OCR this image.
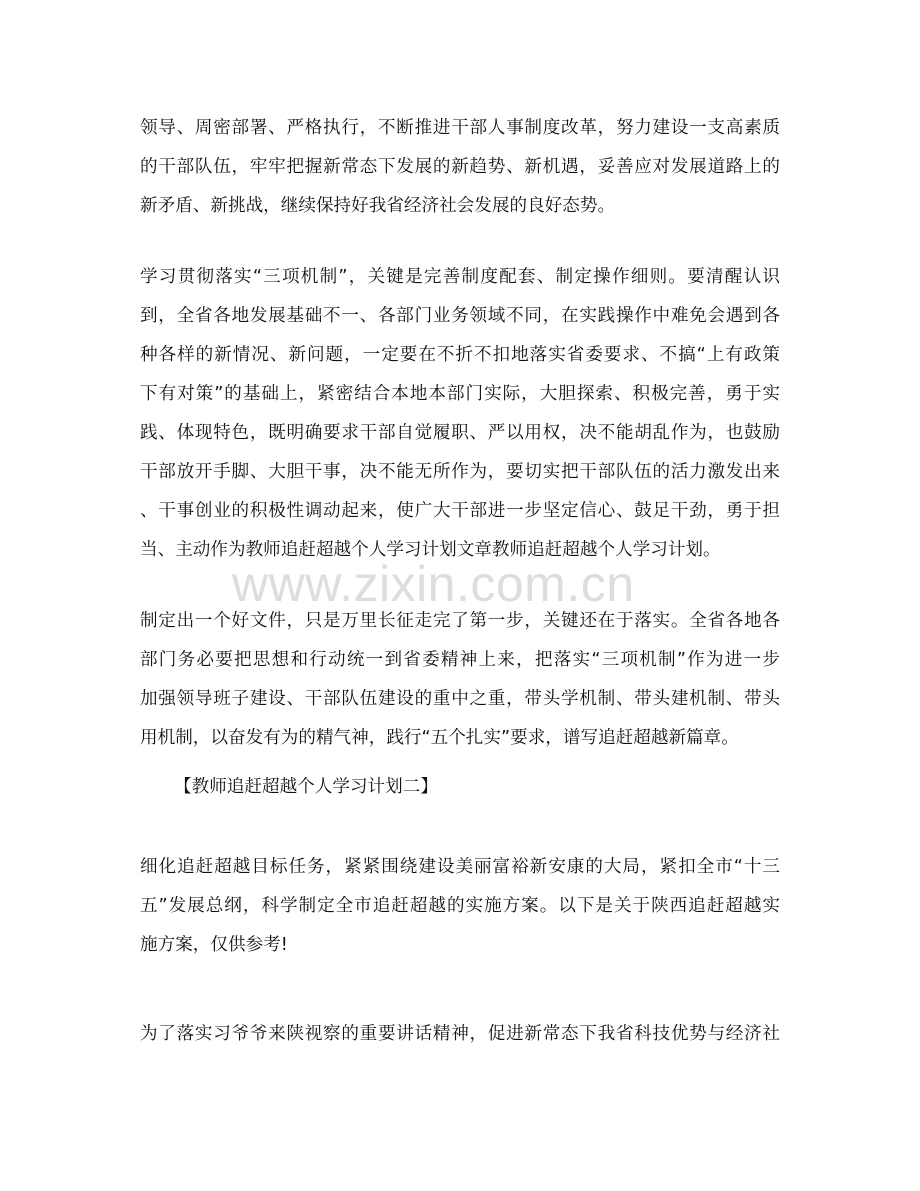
领导、周密部署、严格执行，不断推进干部人事制度改革，努力建设一支高素质
的干部队伍，牢牢把握新常态下发展的新趋势、新机遇，妥善应对发展道路上的
新矛盾、新挑战，继续保持好我省经济社会发展的良好态势。
学习贯彻落实“三项机制”，关键是完善制度配套、制定操作细则。要清醒认识
到，全省各地发展基础不一、各部门业务领域不同，在实践操作中难免会遇到各
种各样的新情况、新问题，一定要在不折不扣地落实省委要求、不搞“上有政策
下有对策”的基础上，紧密结合本地本部门实际，大胆探索、积极完善，勇于实
践、体现特色，既明确要求干部自觉履职、严以用权，决不能胡乱作为，也鼓励
干部放开手脚、大胆干事，决不能无所作为，要切实把干部队伍的活力激发出来
、干事创业的积极性调动起来，使广大干部进一步坚定信心、鼓足干劲，勇于担
当、主动作为教师追赶超越个人学习计划文章教师追赶超越个人学习计划。
www.zixin.com.cn
制定出一个好文件，只是万里长征走完了第一步，关键还在于落实。全省各地各
部门务必要把思想和行动统一到省委精神上来，把落实“三项机制”作为进一步
加强领导班子建设、干部队伍建设的重中之重，带头学机制、带头建机制、带头
用机制，以奋发有为的精气神，践行“五个扎实”要求，谱写追赶超越新篇章。
【教师追赶超越个人学习计划二】
细化追赶超越目标任务，紧紧围绕建设美丽富裕新安康的大局，紧扣全市“十三
五”发展总纲，科学制定全市追赶超越的实施方案。以下是关于陕西追赶超越实
施方案，仅供参考!
为了落实习爷爷来陕视察的重要讲话精神，促进新常态下我省科技优势与经济社
